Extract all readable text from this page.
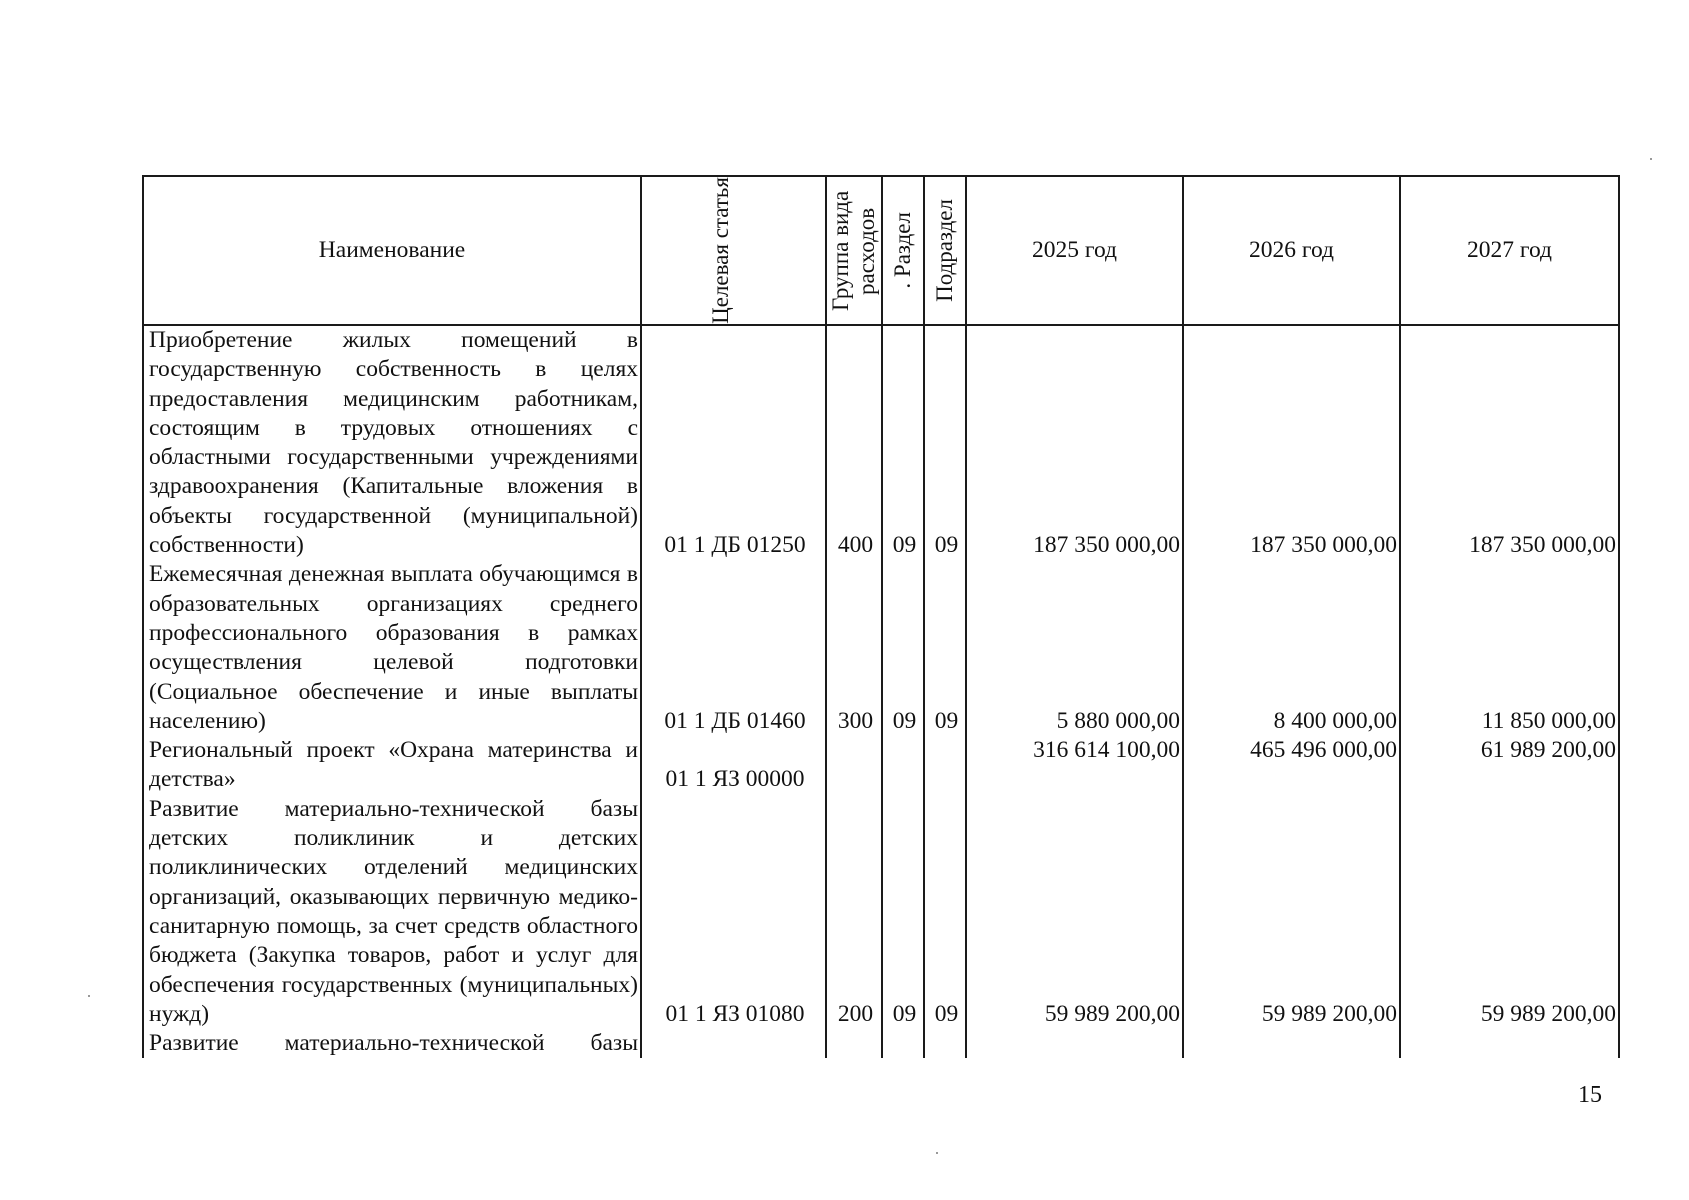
Наименование	Целевая статья	Группа вида расходов	. Раздел	Подраздел	2025 год	2026 год	2027 год

Приобретение жилых помещений в государственную собственность в целях предоставления медицинским работникам, состоящим в трудовых отношениях с областными государственными учреждениями здравоохранения (Капитальные вложения в объекты государственной (муниципальной) собственности)	01 1 ДБ 01250	400	09	09	187 350 000,00	187 350 000,00	187 350 000,00
Ежемесячная денежная выплата обучающимся в образовательных организациях среднего профессионального образования в рамках осуществления целевой подготовки (Социальное обеспечение и иные выплаты населению)	01 1 ДБ 01460	300	09	09	5 880 000,00	8 400 000,00	11 850 000,00
Региональный проект «Охрана материнства и детства»	01 1 ЯЗ 00000				316 614 100,00	465 496 000,00	61 989 200,00
Развитие материально-технической базы детских поликлиник и детских поликлинических отделений медицинских организаций, оказывающих первичную медико-санитарную помощь, за счет средств областного бюджета (Закупка товаров, работ и услуг для обеспечения государственных (муниципальных) нужд)	01 1 ЯЗ 01080	200	09	09	59 989 200,00	59 989 200,00	59 989 200,00
Развитие материально-технической базы							
15
